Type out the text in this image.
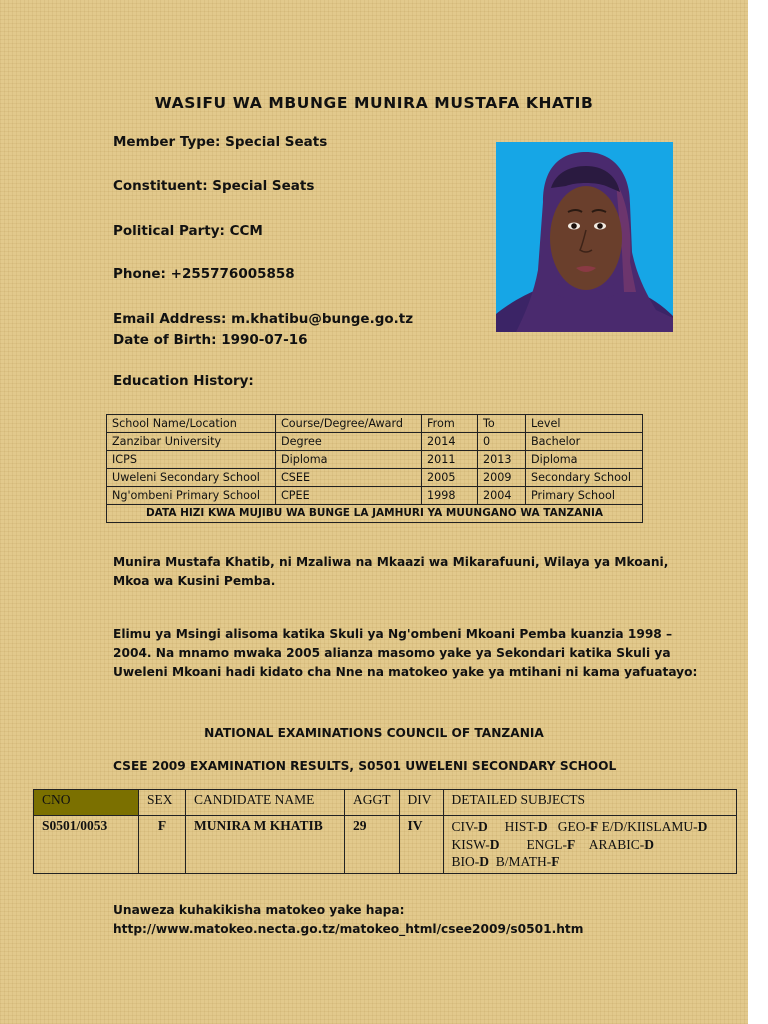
WASIFU WA MBUNGE MUNIRA MUSTAFA KHATIB
Member Type: Special Seats
Constituent: Special Seats
Political Party: CCM
Phone: +255776005858
Email Address: m.khatibu@bunge.go.tz
Date of Birth: 1990-07-16
Education History:
School Name/Location	Course/Degree/Award	From	To	Level
Zanzibar University	Degree	2014	0	Bachelor
ICPS	Diploma	2011	2013	Diploma
Uweleni Secondary School	CSEE	2005	2009	Secondary School
Ng'ombeni Primary School	CPEE	1998	2004	Primary School
DATA HIZI KWA MUJIBU WA BUNGE LA JAMHURI YA MUUNGANO WA TANZANIA				
Munira Mustafa Khatib, ni Mzaliwa na Mkaazi wa Mikarafuuni, Wilaya ya Mkoani,
Mkoa wa Kusini Pemba.
Elimu ya Msingi alisoma katika Skuli ya Ng'ombeni Mkoani Pemba kuanzia 1998 –
2004. Na mnamo mwaka 2005 alianza masomo yake ya Sekondari katika Skuli ya
Uweleni Mkoani hadi kidato cha Nne na matokeo yake ya mtihani ni kama yafuatayo:
NATIONAL EXAMINATIONS COUNCIL OF TANZANIA
CSEE 2009 EXAMINATION RESULTS, S0501 UWELENI SECONDARY SCHOOL
CNO	SEX	CANDIDATE NAME	AGGT	DIV	DETAILED SUBJECTS
S0501/0053	F	MUNIRA M KHATIB	29	IV	CIV-D HIST-D GEO-F E/D/KIISLAMU-D
KISW-D ENGL-F ARABIC-D
BIO-D B/MATH-F
Unaweza kuhakikisha matokeo yake hapa:
http://www.matokeo.necta.go.tz/matokeo_html/csee2009/s0501.htm
